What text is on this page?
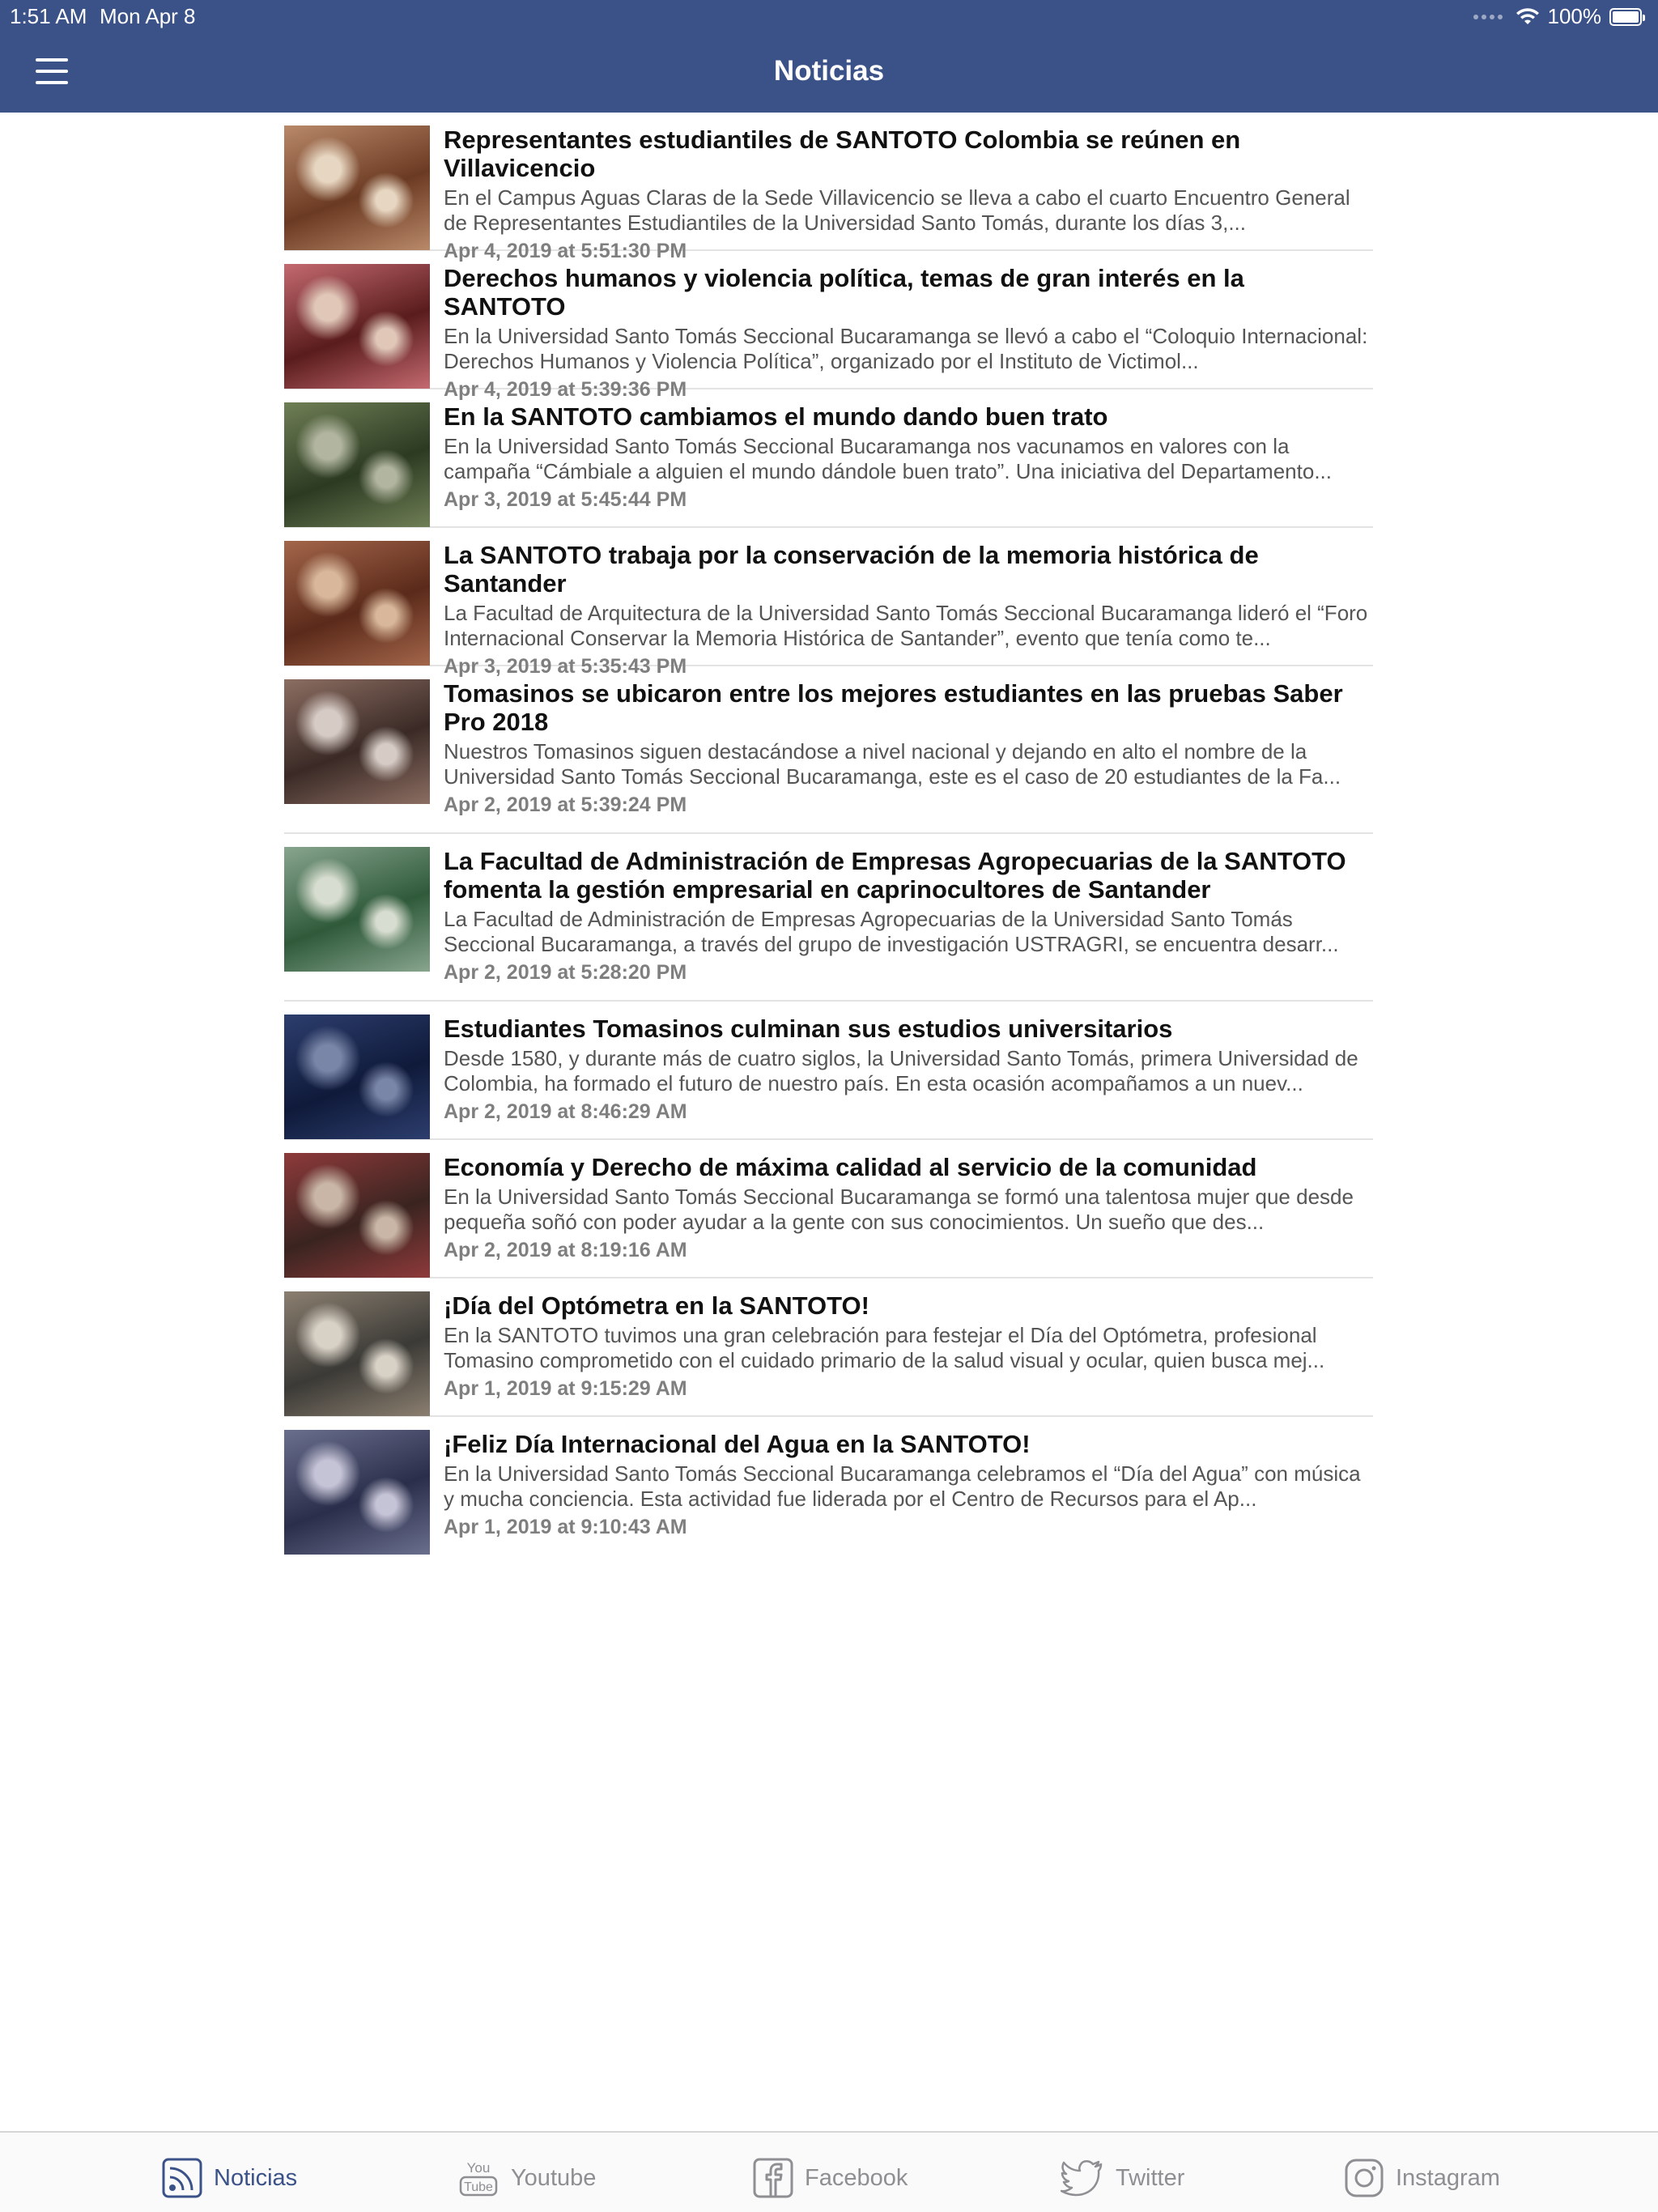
1:51 AM Mon Apr 8	100%
Noticias
Representantes estudiantiles de SANTOTO Colombia se reúnen en Villavicencio
En el Campus Aguas Claras de la Sede Villavicencio se lleva a cabo el cuarto Encuentro General de Representantes Estudiantiles de la Universidad Santo Tomás, durante los días 3,...
Apr 4, 2019 at 5:51:30 PM
Derechos humanos y violencia política, temas de gran interés en la SANTOTO
En la Universidad Santo Tomás Seccional Bucaramanga se llevó a cabo el “Coloquio Internacional: Derechos Humanos y Violencia Política”, organizado por el Instituto de Victimol...
Apr 4, 2019 at 5:39:36 PM
En la SANTOTO cambiamos el mundo dando buen trato
En la Universidad Santo Tomás Seccional Bucaramanga nos vacunamos en valores con la campaña “Cámbiale a alguien el mundo dándole buen trato”. Una iniciativa del Departamento...
Apr 3, 2019 at 5:45:44 PM
La SANTOTO trabaja por la conservación de la memoria histórica de Santander
La Facultad de Arquitectura de la Universidad Santo Tomás Seccional Bucaramanga lideró el “Foro Internacional Conservar la Memoria Histórica de Santander”, evento que tenía como te...
Apr 3, 2019 at 5:35:43 PM
Tomasinos se ubicaron entre los mejores estudiantes en las pruebas Saber Pro 2018
Nuestros Tomasinos siguen destacándose a nivel nacional y dejando en alto el nombre de la Universidad Santo Tomás Seccional Bucaramanga, este es el caso de 20 estudiantes de la Fa...
Apr 2, 2019 at 5:39:24 PM
La Facultad de Administración de Empresas Agropecuarias de la SANTOTO fomenta la gestión empresarial en caprinocultores de Santander
La Facultad de Administración de Empresas Agropecuarias de la Universidad Santo Tomás Seccional Bucaramanga, a través del grupo de investigación USTRAGRI, se encuentra desarr...
Apr 2, 2019 at 5:28:20 PM
Estudiantes Tomasinos culminan sus estudios universitarios
Desde 1580, y durante más de cuatro siglos, la Universidad Santo Tomás, primera Universidad de Colombia, ha formado el futuro de nuestro país. En esta ocasión acompañamos a un nuev...
Apr 2, 2019 at 8:46:29 AM
Economía y Derecho de máxima calidad al servicio de la comunidad
En la Universidad Santo Tomás Seccional Bucaramanga se formó una talentosa mujer que desde pequeña soñó con poder ayudar a la gente con sus conocimientos. Un sueño que des...
Apr 2, 2019 at 8:19:16 AM
¡Día del Optómetra en la SANTOTO!
En la SANTOTO tuvimos una gran celebración para festejar el Día del Optómetra, profesional Tomasino comprometido con el cuidado primario de la salud visual y ocular, quien busca mej...
Apr 1, 2019 at 9:15:29 AM
¡Feliz Día Internacional del Agua en la SANTOTO!
En la Universidad Santo Tomás Seccional Bucaramanga celebramos el “Día del Agua” con música y mucha conciencia. Esta actividad fue liderada por el Centro de Recursos para el Ap...
Apr 1, 2019 at 9:10:43 AM
Noticias	You
Tube Youtube	Facebook	Twitter	Instagram
